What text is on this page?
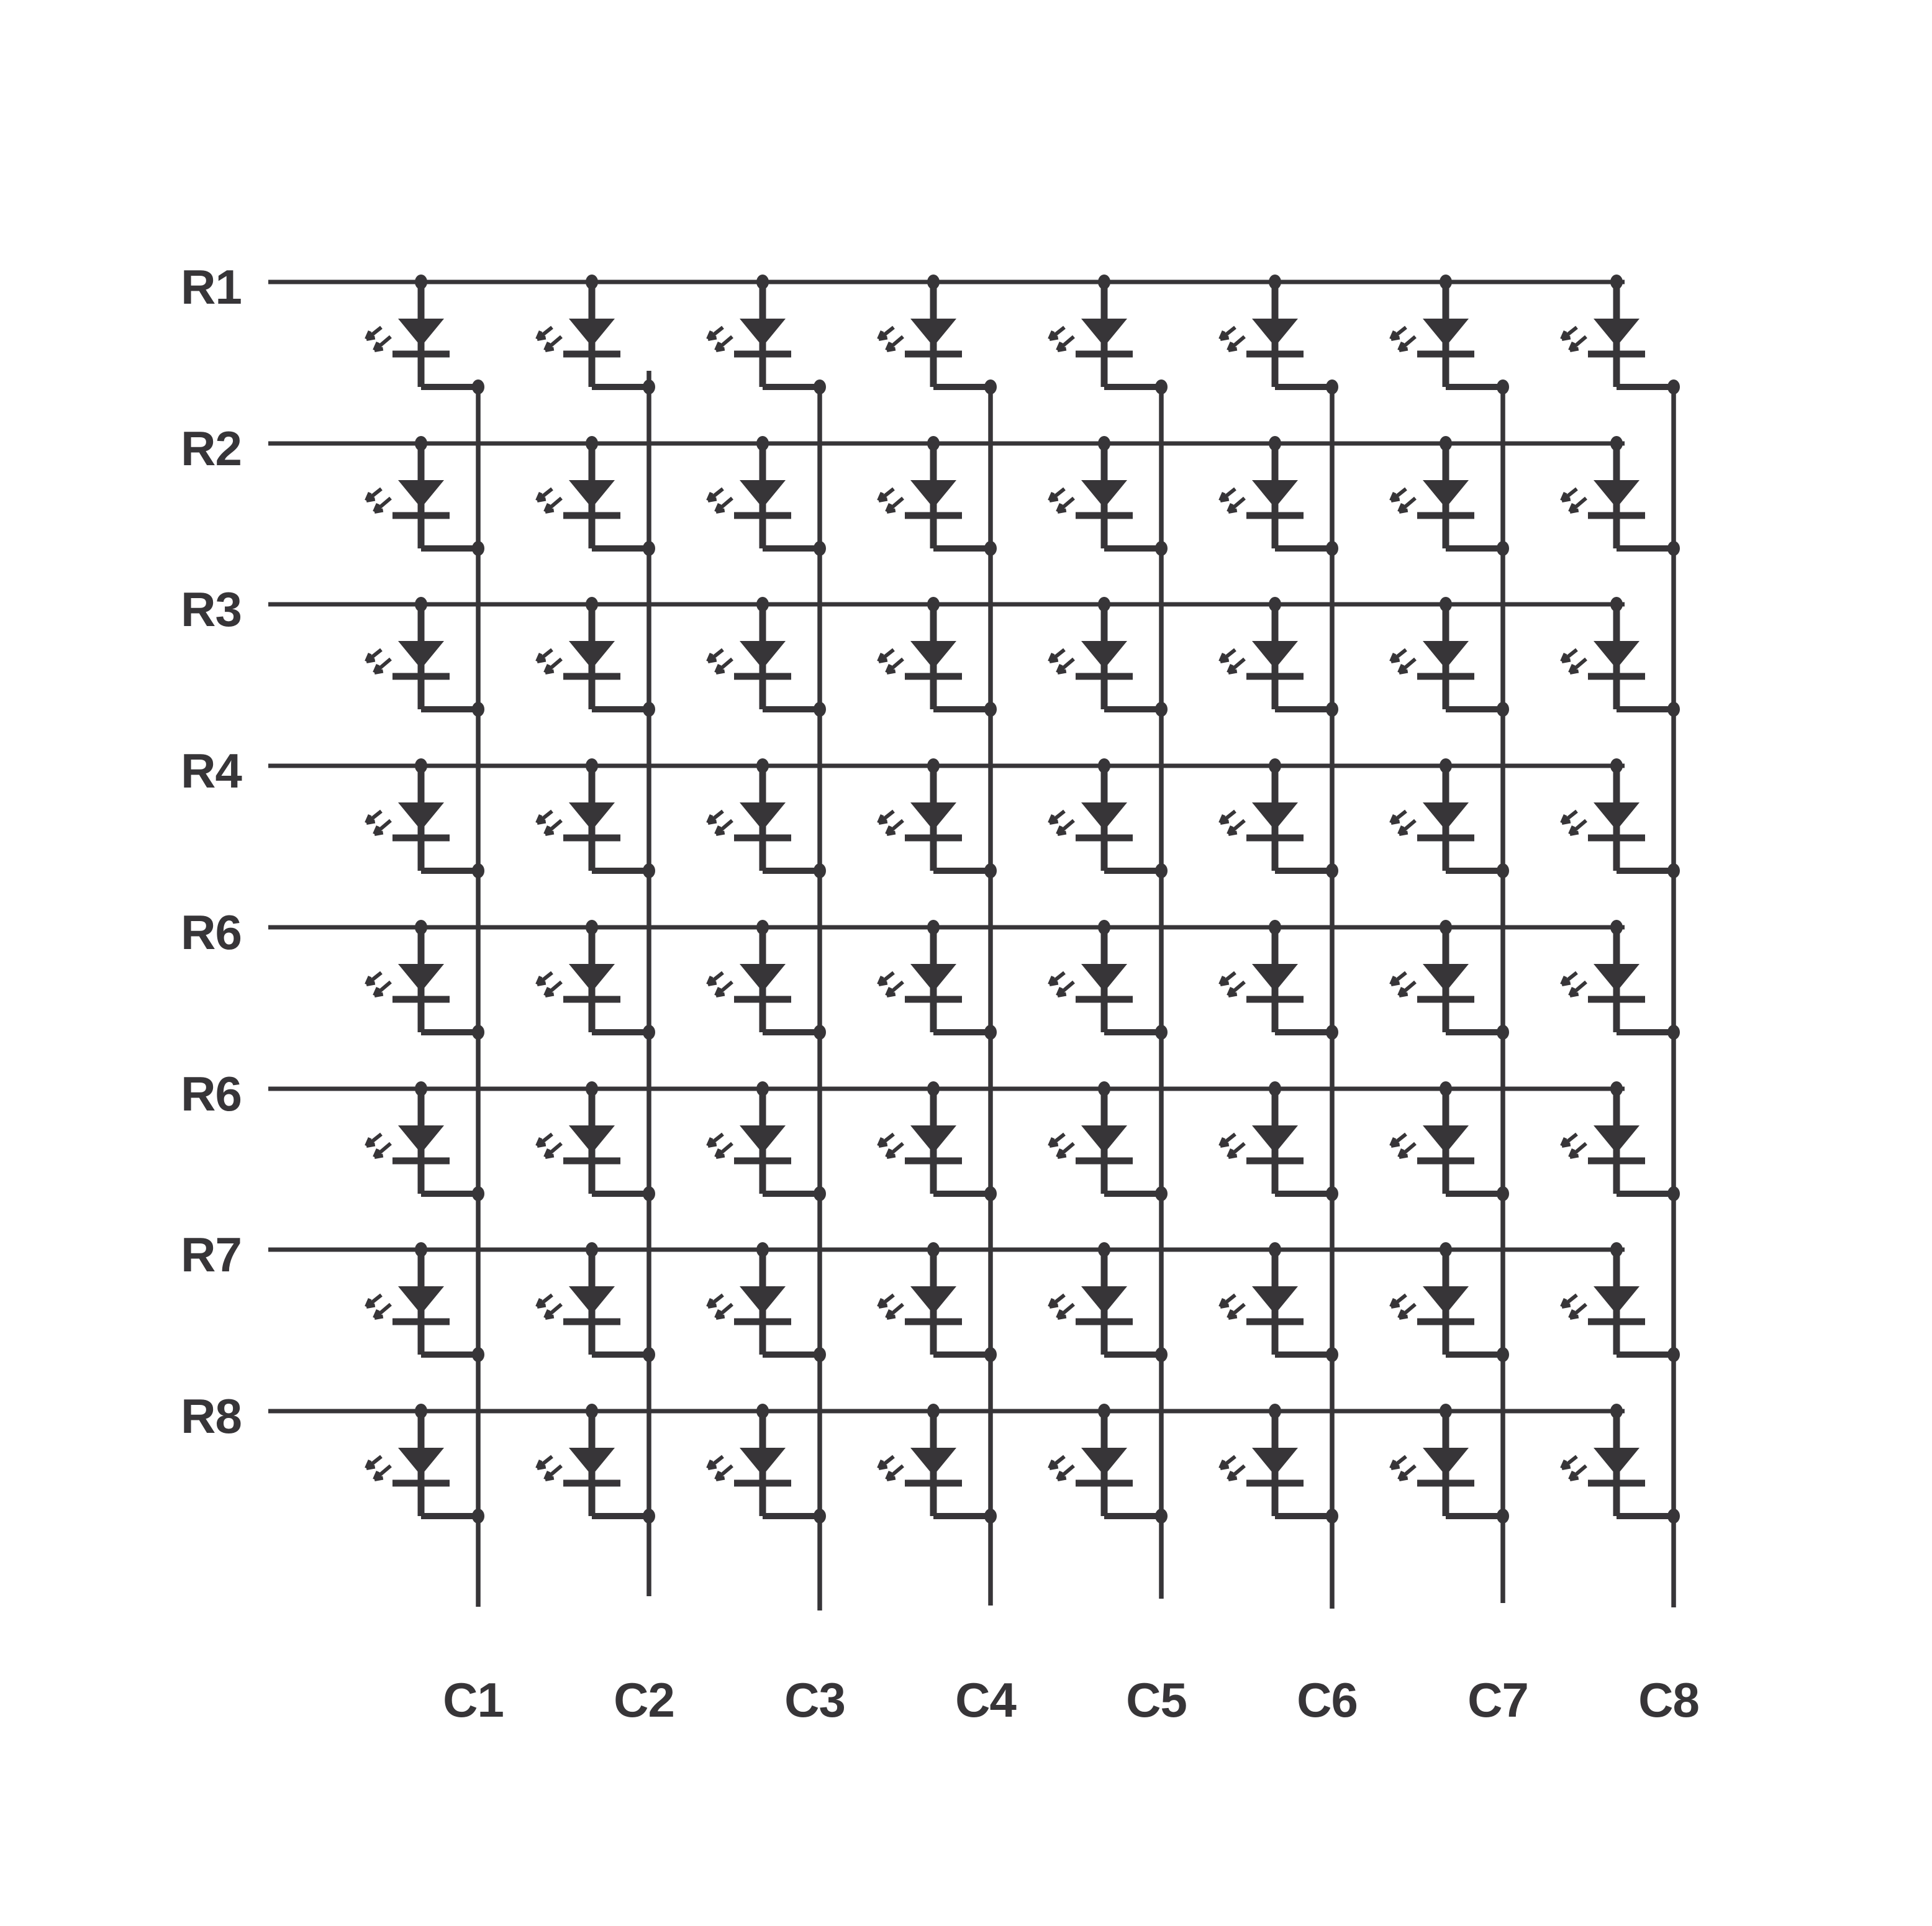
R1
R2
R3
R4
R6
R6
R7
R8
C1 C2 C3 C4 C5 C6 C7 C8
